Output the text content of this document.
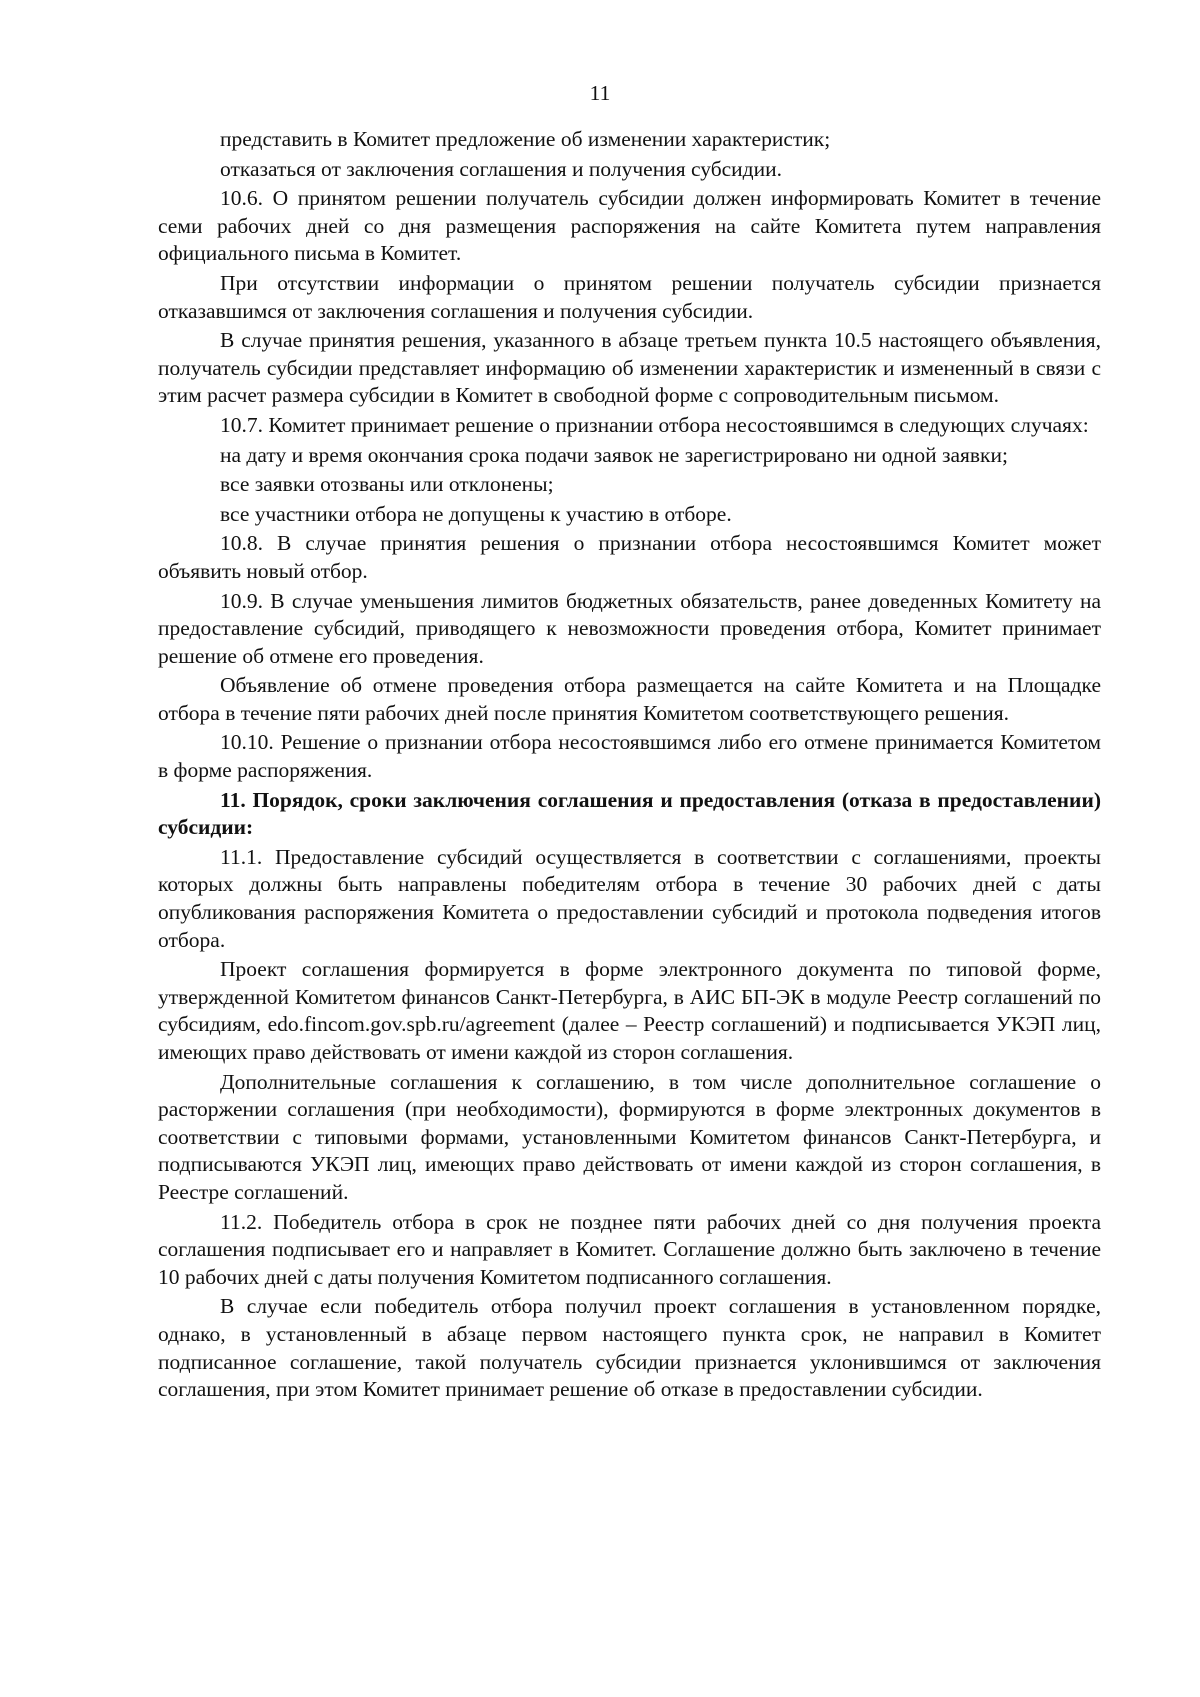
11

представить в Комитет предложение об изменении характеристик;

отказаться от заключения соглашения и получения субсидии.

10.6. О принятом решении получатель субсидии должен информировать Комитет в течение семи рабочих дней со дня размещения распоряжения на сайте Комитета путем направления официального письма в Комитет.

При отсутствии информации о принятом решении получатель субсидии признается отказавшимся от заключения соглашения и получения субсидии.

В случае принятия решения, указанного в абзаце третьем пункта 10.5 настоящего объявления, получатель субсидии представляет информацию об изменении характеристик и измененный в связи с этим расчет размера субсидии в Комитет в свободной форме с сопроводительным письмом.

10.7. Комитет принимает решение о признании отбора несостоявшимся в следующих случаях:

на дату и время окончания срока подачи заявок не зарегистрировано ни одной заявки;

все заявки отозваны или отклонены;

все участники отбора не допущены к участию в отборе.

10.8. В случае принятия решения о признании отбора несостоявшимся Комитет может объявить новый отбор.

10.9. В случае уменьшения лимитов бюджетных обязательств, ранее доведенных Комитету на предоставление субсидий, приводящего к невозможности проведения отбора, Комитет принимает решение об отмене его проведения.

Объявление об отмене проведения отбора размещается на сайте Комитета и на Площадке отбора в течение пяти рабочих дней после принятия Комитетом соответствующего решения.

10.10. Решение о признании отбора несостоявшимся либо его отмене принимается Комитетом в форме распоряжения.

11. Порядок, сроки заключения соглашения и предоставления (отказа в предоставлении) субсидии:

11.1. Предоставление субсидий осуществляется в соответствии с соглашениями, проекты которых должны быть направлены победителям отбора в течение 30 рабочих дней с даты опубликования распоряжения Комитета о предоставлении субсидий и протокола подведения итогов отбора.

Проект соглашения формируется в форме электронного документа по типовой форме, утвержденной Комитетом финансов Санкт-Петербурга, в АИС БП-ЭК в модуле Реестр соглашений по субсидиям, edo.fincom.gov.spb.ru/agreement (далее – Реестр соглашений) и подписывается УКЭП лиц, имеющих право действовать от имени каждой из сторон соглашения.

Дополнительные соглашения к соглашению, в том числе дополнительное соглашение о расторжении соглашения (при необходимости), формируются в форме электронных документов в соответствии с типовыми формами, установленными Комитетом финансов Санкт-Петербурга, и подписываются УКЭП лиц, имеющих право действовать от имени каждой из сторон соглашения, в Реестре соглашений.

11.2. Победитель отбора в срок не позднее пяти рабочих дней со дня получения проекта соглашения подписывает его и направляет в Комитет. Соглашение должно быть заключено в течение 10 рабочих дней с даты получения Комитетом подписанного соглашения.

В случае если победитель отбора получил проект соглашения в установленном порядке, однако, в установленный в абзаце первом настоящего пункта срок, не направил в Комитет подписанное соглашение, такой получатель субсидии признается уклонившимся от заключения соглашения, при этом Комитет принимает решение об отказе в предоставлении субсидии.
